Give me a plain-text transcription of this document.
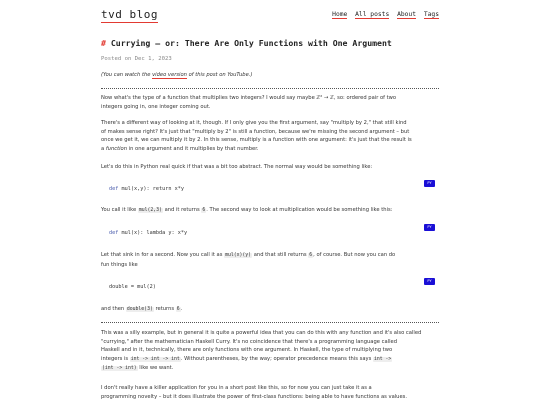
tvd blog	Home All posts About Tags
# Currying – or: There Are Only Functions with One Argument
Posted on Dec 1, 2023
(You can watch the video version of this post on YouTube.)
Now what's the type of a function that multiplies two integers? I would say maybe ℤ² → ℤ, so: ordered pair of two
integers going in, one integer coming out.
There's a different way of looking at it, though. If I only give you the first argument, say "multiply by 2," that still kind
of makes sense right? It's just that "multiply by 2" is still a function, because we're missing the second argument – but
once we get it, we can multiply it by 2. In this sense, multiply is a function with one argument: it's just that the result is
a function in one argument and it multiplies by that number.
Let's do this in Python real quick if that was a bit too abstract. The normal way would be something like:
def mul(x,y): return x*y
PY
You call it like mul(2,3) and it returns 6. The second way to look at multiplication would be something like this:
def mul(x): lambda y: x*y
PY
Let that sink in for a second. Now you call it as mul(x)(y) and that still returns 6, of course. But now you can do
fun things like
double = mul(2)
PY
and then double(3) returns 6.
This was a silly example, but in general it is quite a powerful idea that you can do this with any function and it's also called
"currying," after the mathematician Haskell Curry. It's no coincidence that there's a programming language called
Haskell and in it, technically, there are only functions with one argument. In Haskell, the type of multiplying two
integers is int -> int -> int. Without parentheses, by the way; operator precedence means this says int ->
(int -> int) like we want.
I don't really have a killer application for you in a short post like this, so for now you can just take it as a
programming novelty – but it does illustrate the power of first-class functions: being able to have functions as values.
